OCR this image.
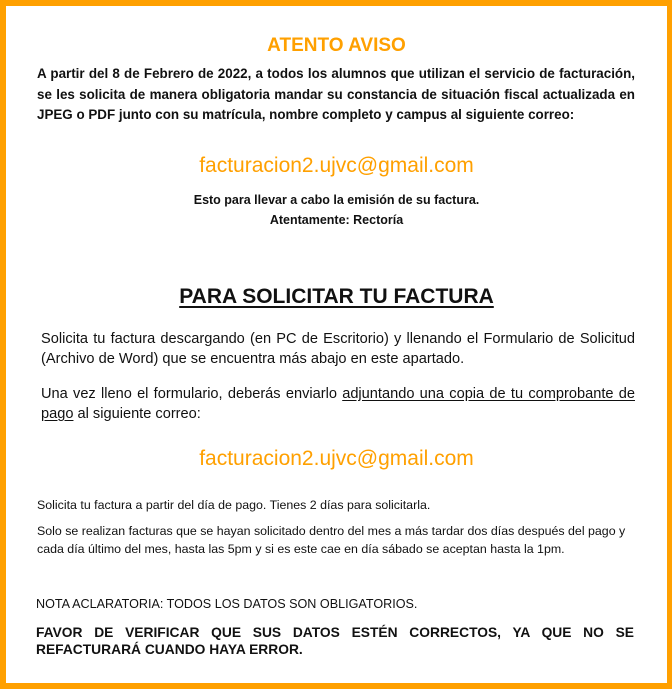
ATENTO AVISO
A partir del 8 de Febrero de 2022, a todos los alumnos que utilizan el servicio de facturación, se les solicita de manera obligatoria mandar su constancia de situación fiscal actualizada en JPEG o PDF junto con su matrícula, nombre completo y campus al siguiente correo:
facturacion2.ujvc@gmail.com
Esto para llevar a cabo la emisión de su factura.
Atentamente: Rectoría
PARA SOLICITAR TU FACTURA
Solicita tu factura descargando (en PC de Escritorio) y llenando el Formulario de Solicitud (Archivo de Word) que se encuentra más abajo en este apartado.
Una vez lleno el formulario, deberás enviarlo adjuntando una copia de tu comprobante de pago al siguiente correo:
facturacion2.ujvc@gmail.com
Solicita tu factura a partir del día de pago. Tienes 2 días para solicitarla.
Solo se realizan facturas que se hayan solicitado dentro del mes a más tardar dos días después del pago y cada día último del mes, hasta las 5pm y si es este cae en día sábado se aceptan hasta la 1pm.
NOTA ACLARATORIA: TODOS LOS DATOS SON OBLIGATORIOS.
FAVOR DE VERIFICAR QUE SUS DATOS ESTÉN CORRECTOS, YA QUE NO SE REFACTURARÁ CUANDO HAYA ERROR.
